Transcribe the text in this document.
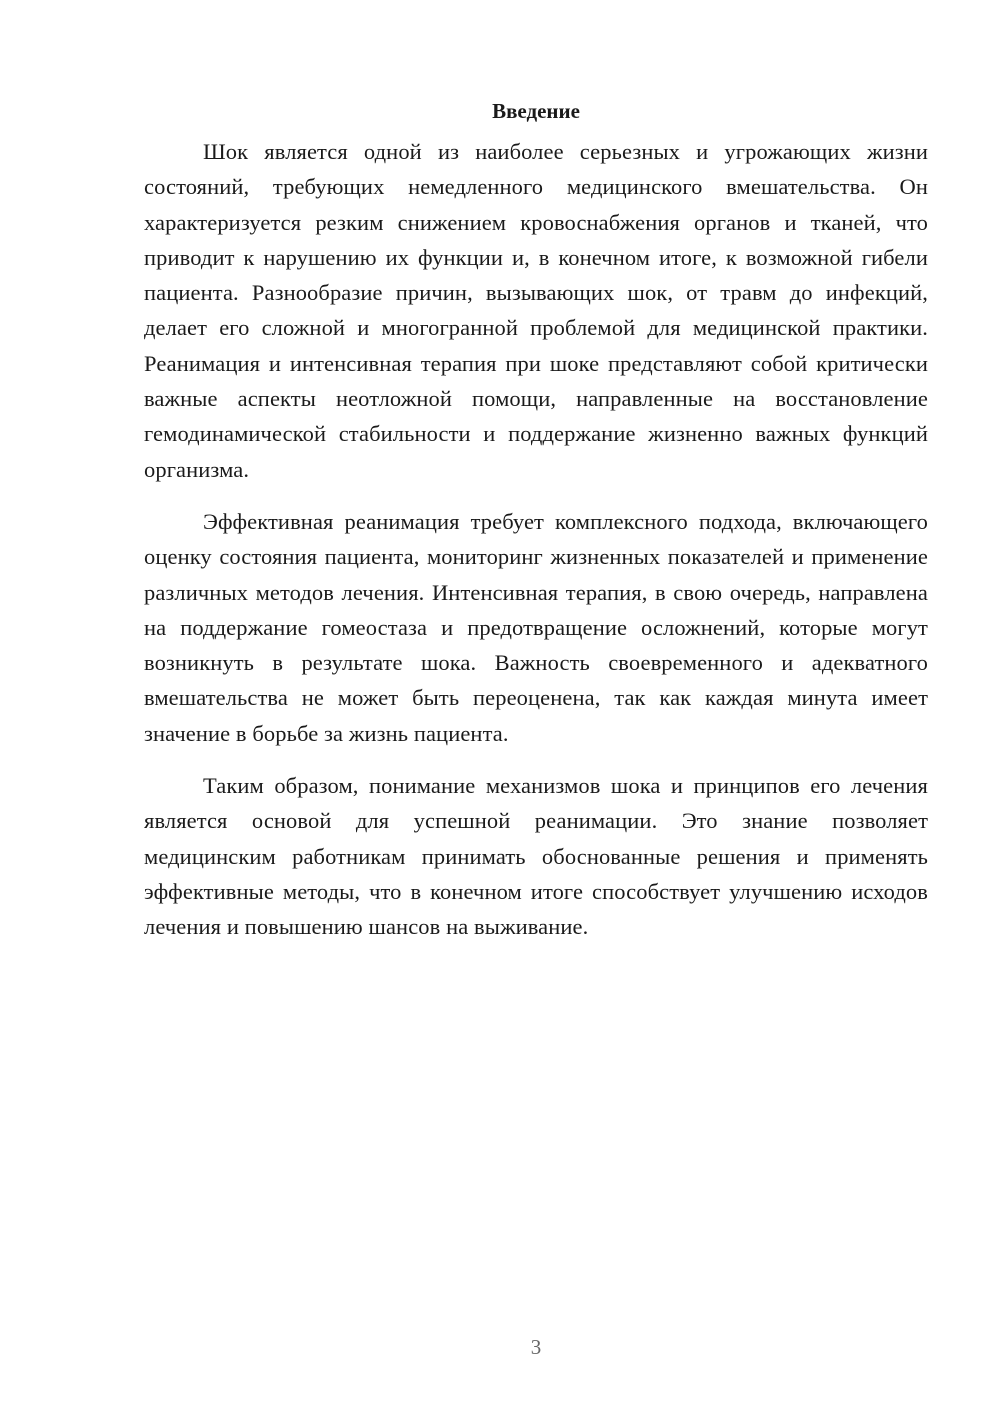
Введение

Шок является одной из наиболее серьезных и угрожающих жизни состояний, требующих немедленного медицинского вмешательства. Он характеризуется резким снижением кровоснабжения органов и тканей, что приводит к нарушению их функции и, в конечном итоге, к возможной гибели пациента. Разнообразие причин, вызывающих шок, от травм до инфекций, делает его сложной и многогранной проблемой для медицинской практики. Реанимация и интенсивная терапия при шоке представляют собой критически важные аспекты неотложной помощи, направленные на восстановление гемодинамической стабильности и поддержание жизненно важных функций организма.

Эффективная реанимация требует комплексного подхода, включающего оценку состояния пациента, мониторинг жизненных показателей и применение различных методов лечения. Интенсивная терапия, в свою очередь, направлена на поддержание гомеостаза и предотвращение осложнений, которые могут возникнуть в результате шока. Важность своевременного и адекватного вмешательства не может быть переоценена, так как каждая минута имеет значение в борьбе за жизнь пациента.

Таким образом, понимание механизмов шока и принципов его лечения является основой для успешной реанимации. Это знание позволяет медицинским работникам принимать обоснованные решения и применять эффективные методы, что в конечном итоге способствует улучшению исходов лечения и повышению шансов на выживание.

3
